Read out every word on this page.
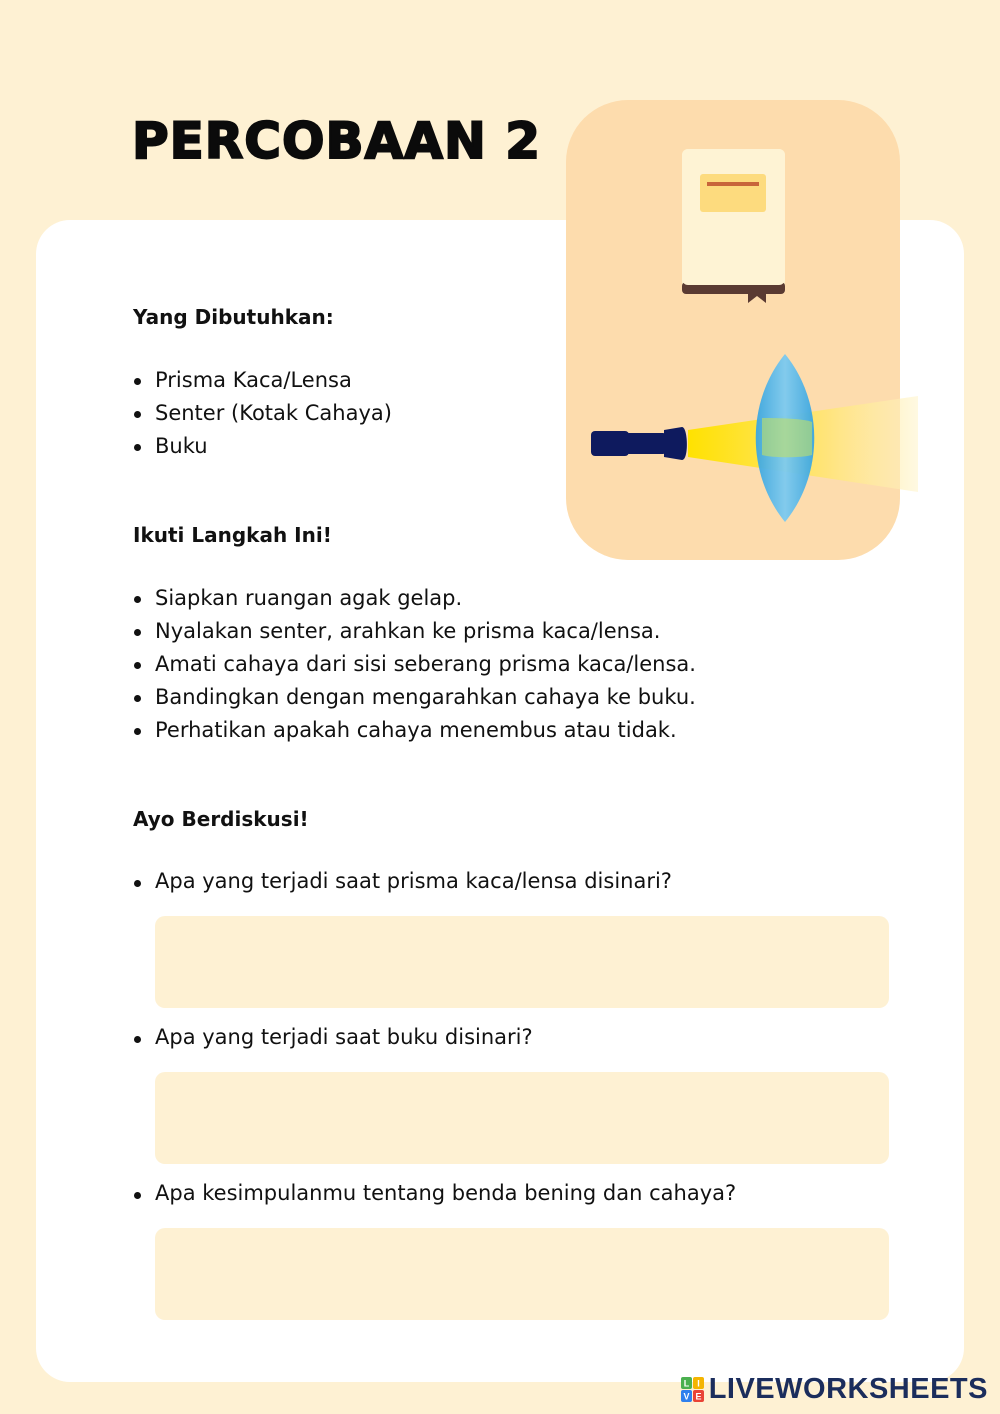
PERCOBAAN 2
Yang Dibutuhkan:
Prisma Kaca/Lensa
Senter (Kotak Cahaya)
Buku
Ikuti Langkah Ini!
Siapkan ruangan agak gelap.
Nyalakan senter, arahkan ke prisma kaca/lensa.
Amati cahaya dari sisi seberang prisma kaca/lensa.
Bandingkan dengan mengarahkan cahaya ke buku.
Perhatikan apakah cahaya menembus atau tidak.
Ayo Berdiskusi!
Apa yang terjadi saat prisma kaca/lensa disinari?
Apa yang terjadi saat buku disinari?
Apa kesimpulanmu tentang benda bening dan cahaya?
L I
V E LIVEWORKSHEETS
